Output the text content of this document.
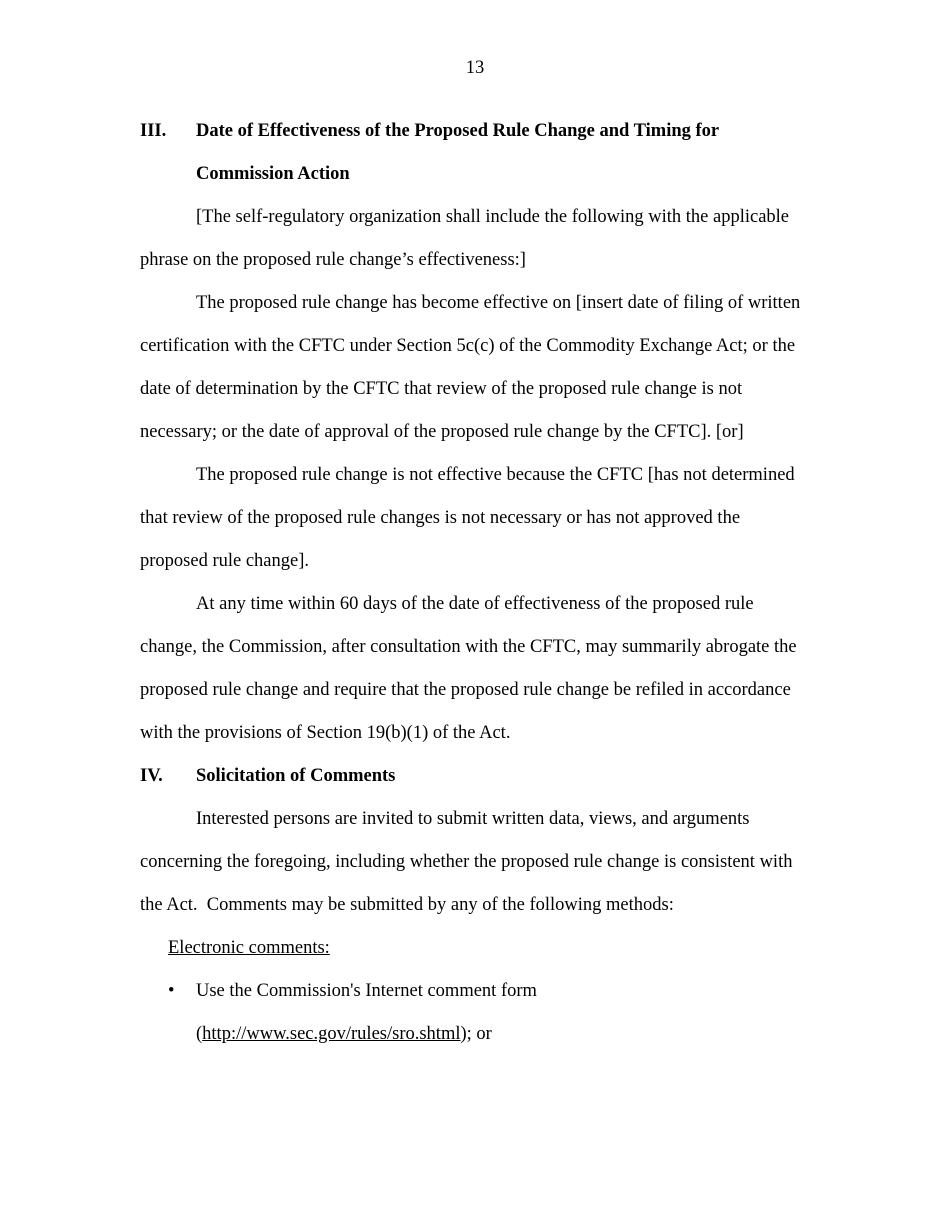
13
III. Date of Effectiveness of the Proposed Rule Change and Timing for
Commission Action
[The self-regulatory organization shall include the following with the applicable
phrase on the proposed rule change’s effectiveness:]
The proposed rule change has become effective on [insert date of filing of written
certification with the CFTC under Section 5c(c) of the Commodity Exchange Act; or the
date of determination by the CFTC that review of the proposed rule change is not
necessary; or the date of approval of the proposed rule change by the CFTC]. [or]
The proposed rule change is not effective because the CFTC [has not determined
that review of the proposed rule changes is not necessary or has not approved the
proposed rule change].
At any time within 60 days of the date of effectiveness of the proposed rule
change, the Commission, after consultation with the CFTC, may summarily abrogate the
proposed rule change and require that the proposed rule change be refiled in accordance
with the provisions of Section 19(b)(1) of the Act.
IV. Solicitation of Comments
Interested persons are invited to submit written data, views, and arguments
concerning the foregoing, including whether the proposed rule change is consistent with
the Act.  Comments may be submitted by any of the following methods:
Electronic comments:
• Use the Commission's Internet comment form
(http://www.sec.gov/rules/sro.shtml); or
